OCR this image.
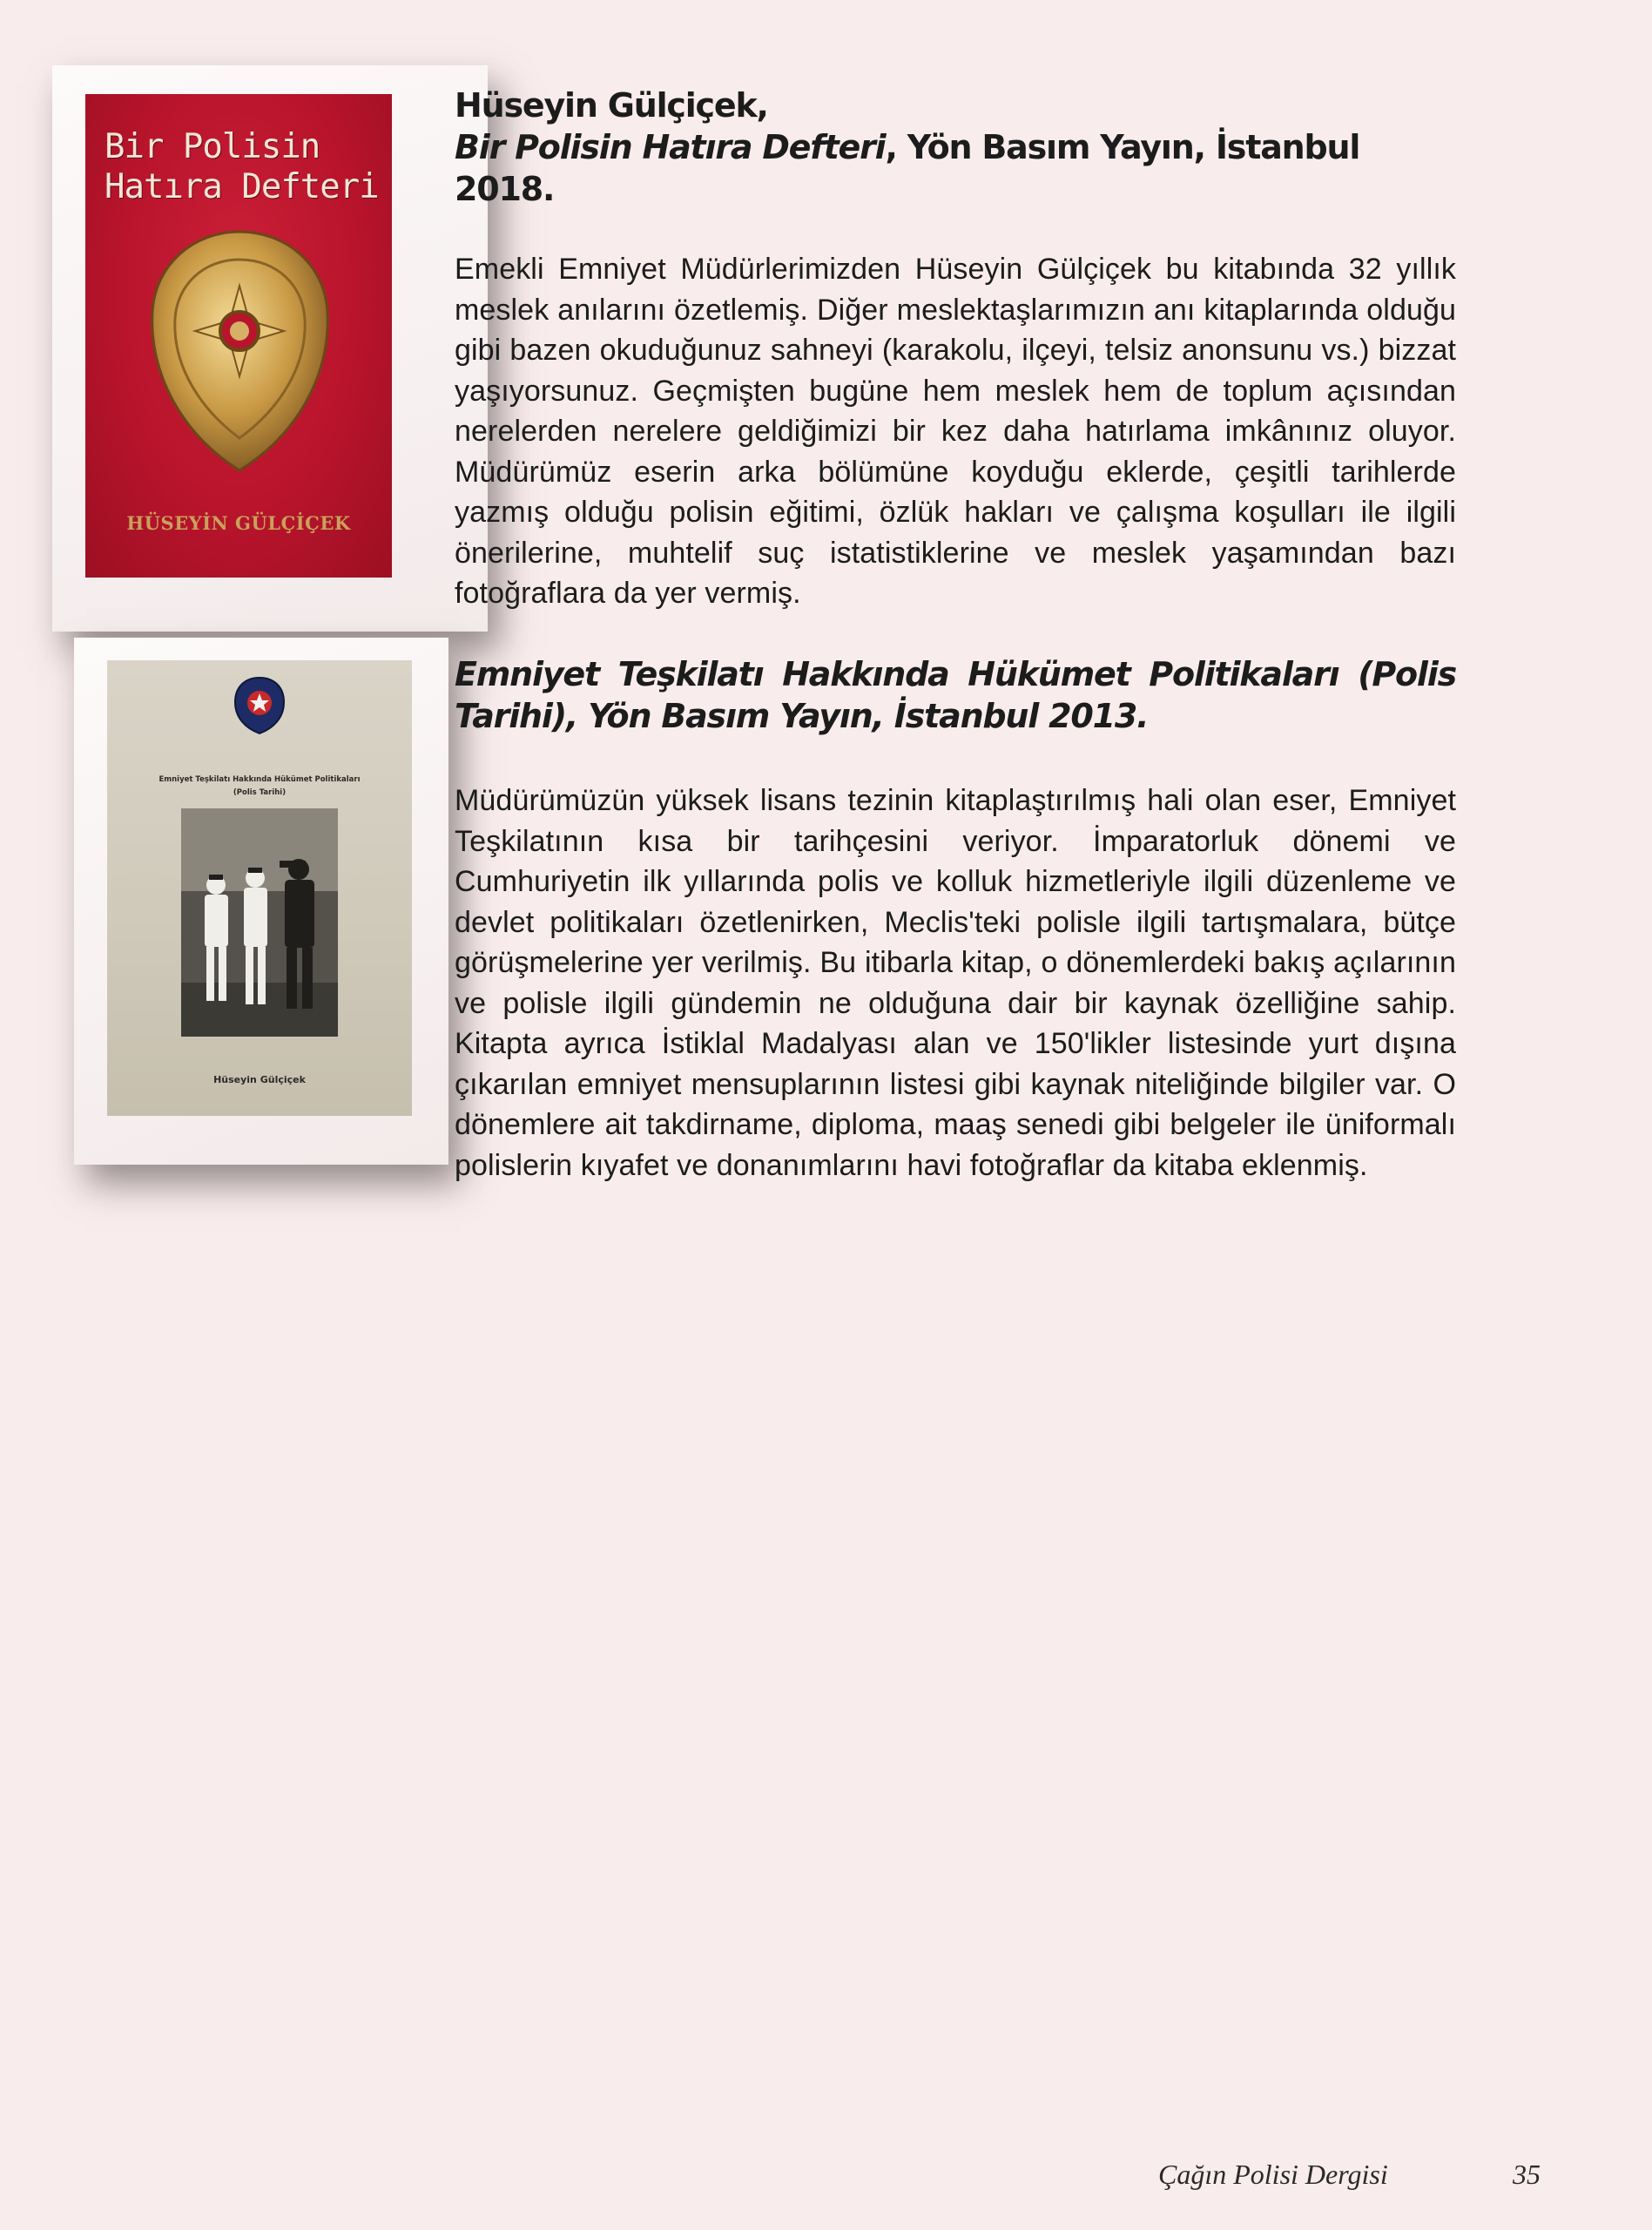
Bir Polisin
Hatıra Defteri
HÜSEYİN GÜLÇİÇEK

Hüseyin Gülçiçek,
Bir Polisin Hatıra Defteri, Yön Basım Yayın, İstanbul 2018.

Emekli Emniyet Müdürlerimizden Hüseyin Gülçiçek bu kitabında 32 yıllık meslek anılarını özetlemiş. Diğer meslektaşlarımızın anı kitaplarında olduğu gibi bazen okuduğunuz sahneyi (karakolu, ilçeyi, telsiz anonsunu vs.) bizzat yaşıyorsunuz. Geçmişten bugüne hem meslek hem de toplum açısından nerelerden nerelere geldiğimizi bir kez daha hatırlama imkânınız oluyor. Müdürümüz eserin arka bölümüne koyduğu eklerde, çeşitli tarihlerde yazmış olduğu polisin eğitimi, özlük hakları ve çalışma koşulları ile ilgili önerilerine, muhtelif suç istatistiklerine ve meslek yaşamından bazı fotoğraflara da yer vermiş.

Emniyet Teşkilatı Hakkında Hükümet Politikaları
(Polis Tarihi)
Hüseyin Gülçiçek

Emniyet Teşkilatı Hakkında Hükümet Politikaları (Polis Tarihi), Yön Basım Yayın, İstanbul 2013.

Müdürümüzün yüksek lisans tezinin kitaplaştırılmış hali olan eser, Emniyet Teşkilatının kısa bir tarihçesini veriyor. İmparatorluk dönemi ve Cumhuriyetin ilk yıllarında polis ve kolluk hizmetleriyle ilgili düzenleme ve devlet politikaları özetlenirken, Meclis'teki polisle ilgili tartışmalara, bütçe görüşmelerine yer verilmiş. Bu itibarla kitap, o dönemlerdeki bakış açılarının ve polisle ilgili gündemin ne olduğuna dair bir kaynak özelliğine sahip. Kitapta ayrıca İstiklal Madalyası alan ve 150'likler listesinde yurt dışına çıkarılan emniyet mensuplarının listesi gibi kaynak niteliğinde bilgiler var. O dönemlere ait takdirname, diploma, maaş senedi gibi belgeler ile üniformalı polislerin kıyafet ve donanımlarını havi fotoğraflar da kitaba eklenmiş.

Çağın Polisi Dergisi	35
